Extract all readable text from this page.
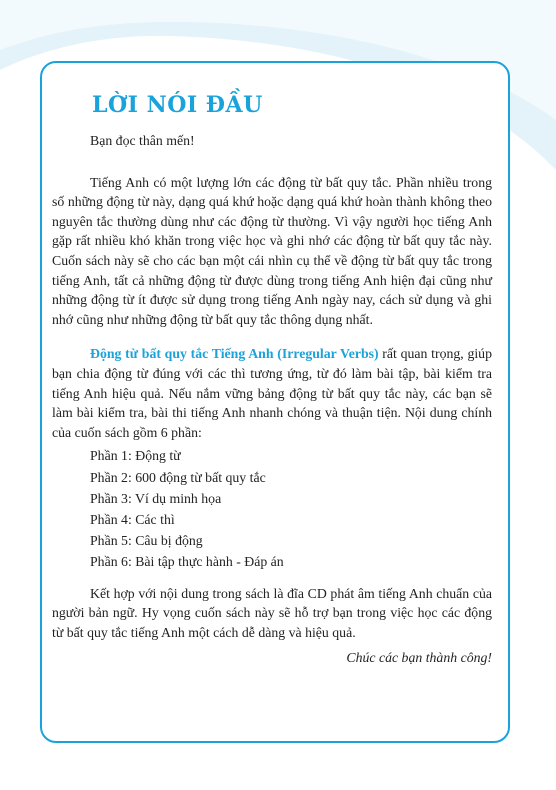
LỜI NÓI ĐẦU
Bạn đọc thân mến!

Tiếng Anh có một lượng lớn các động từ bất quy tắc. Phần nhiều trong số những động từ này, dạng quá khứ hoặc dạng quá khứ hoàn thành không theo nguyên tắc thường dùng như các động từ thường. Vì vậy người học tiếng Anh gặp rất nhiều khó khăn trong việc học và ghi nhớ các động từ bất quy tắc này. Cuốn sách này sẽ cho các bạn một cái nhìn cụ thể về động từ bất quy tắc trong tiếng Anh, tất cả những động từ được dùng trong tiếng Anh hiện đại cũng như những động từ ít được sử dụng trong tiếng Anh ngày nay, cách sử dụng và ghi nhớ cũng như những động từ bất quy tắc thông dụng nhất.

Động từ bất quy tắc Tiếng Anh (Irregular Verbs) rất quan trọng, giúp bạn chia động từ đúng với các thì tương ứng, từ đó làm bài tập, bài kiểm tra tiếng Anh hiệu quả. Nếu nắm vững bảng động từ bất quy tắc này, các bạn sẽ làm bài kiểm tra, bài thi tiếng Anh nhanh chóng và thuận tiện. Nội dung chính của cuốn sách gồm 6 phần:

Phần 1: Động từ
Phần 2: 600 động từ bất quy tắc
Phần 3: Ví dụ minh họa
Phần 4: Các thì
Phần 5: Câu bị động
Phần 6: Bài tập thực hành - Đáp án

Kết hợp với nội dung trong sách là đĩa CD phát âm tiếng Anh chuẩn của người bản ngữ. Hy vọng cuốn sách này sẽ hỗ trợ bạn trong việc học các động từ bất quy tắc tiếng Anh một cách dễ dàng và hiệu quả.

Chúc các bạn thành công!
